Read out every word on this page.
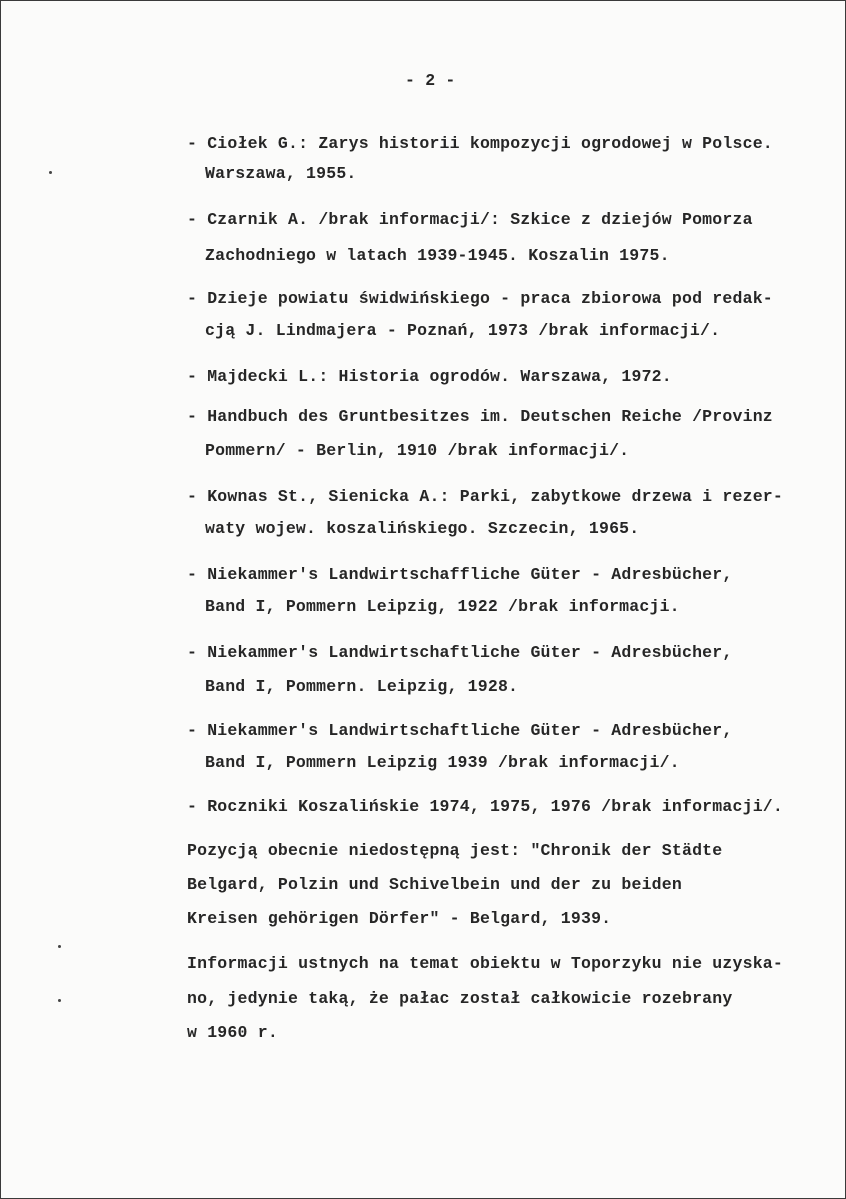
- 2 -
- Ciołek G.: Zarys historii kompozycji ogrodowej w Polsce.
Warszawa, 1955.
- Czarnik A. /brak informacji/: Szkice z dziejów Pomorza
Zachodniego w latach 1939-1945. Koszalin 1975.
- Dzieje powiatu świdwińskiego - praca zbiorowa pod redak-
cją J. Lindmajera - Poznań, 1973 /brak informacji/.
- Majdecki L.: Historia ogrodów. Warszawa, 1972.
- Handbuch des Gruntbesitzes im. Deutschen Reiche /Provinz
Pommern/ - Berlin, 1910 /brak informacji/.
- Kownas St., Sienicka A.: Parki, zabytkowe drzewa i rezer-
waty wojew. koszalińskiego. Szczecin, 1965.
- Niekammer's Landwirtschaffliche Güter - Adresbücher,
Band I, Pommern Leipzig, 1922 /brak informacji.
- Niekammer's Landwirtschaftliche Güter - Adresbücher,
Band I, Pommern. Leipzig, 1928.
- Niekammer's Landwirtschaftliche Güter - Adresbücher,
Band I, Pommern Leipzig 1939 /brak informacji/.
- Roczniki Koszalińskie 1974, 1975, 1976 /brak informacji/.
Pozycją obecnie niedostępną jest: "Chronik der Städte
Belgard, Polzin und Schivelbein und der zu beiden
Kreisen gehörigen Dörfer" - Belgard, 1939.
Informacji ustnych na temat obiektu w Toporzyku nie uzyska-
no, jedynie taką, że pałac został całkowicie rozebrany
w 1960 r.
